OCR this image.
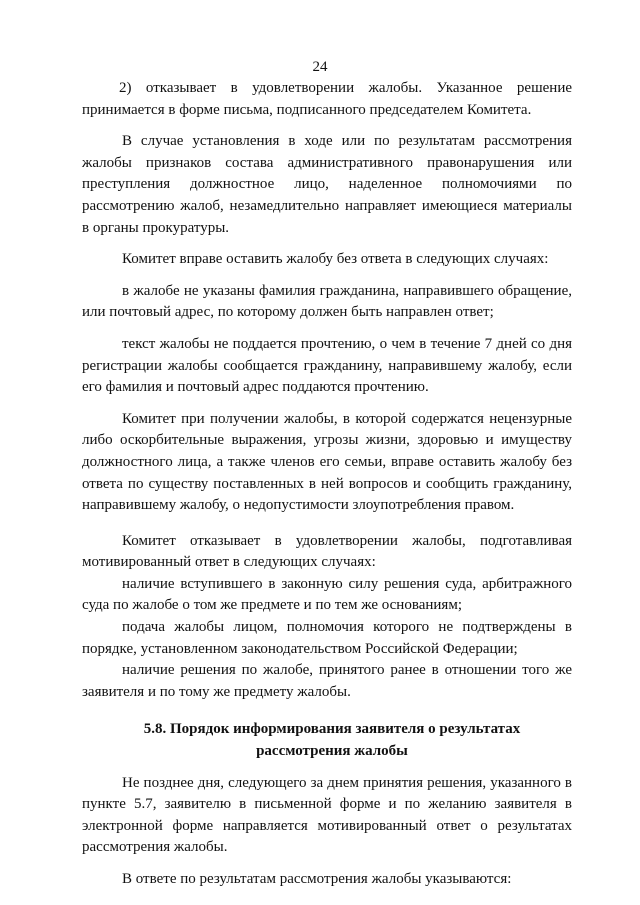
24

2) отказывает в удовлетворении жалобы. Указанное решение принимается в форме письма, подписанного председателем Комитета.

В случае установления в ходе или по результатам рассмотрения жалобы признаков состава административного правонарушения или преступления должностное лицо, наделенное полномочиями по рассмотрению жалоб, незамедлительно направляет имеющиеся материалы в органы прокуратуры.

Комитет вправе оставить жалобу без ответа в следующих случаях:

в жалобе не указаны фамилия гражданина, направившего обращение, или почтовый адрес, по которому должен быть направлен ответ;

текст жалобы не поддается прочтению, о чем в течение 7 дней со дня регистрации жалобы сообщается гражданину, направившему жалобу, если его фамилия и почтовый адрес поддаются прочтению.

Комитет при получении жалобы, в которой содержатся нецензурные либо оскорбительные выражения, угрозы жизни, здоровью и имуществу должностного лица, а также членов его семьи, вправе оставить жалобу без ответа по существу поставленных в ней вопросов и сообщить гражданину, направившему жалобу, о недопустимости злоупотребления правом.

Комитет отказывает в удовлетворении жалобы, подготавливая мотивированный ответ в следующих случаях:

наличие вступившего в законную силу решения суда, арбитражного суда по жалобе о том же предмете и по тем же основаниям;

подача жалобы лицом, полномочия которого не подтверждены в порядке, установленном законодательством Российской Федерации;

наличие решения по жалобе, принятого ранее в отношении того же заявителя и по тому же предмету жалобы.

5.8. Порядок информирования заявителя о результатах
рассмотрения жалобы

Не позднее дня, следующего за днем принятия решения, указанного в пункте 5.7, заявителю в письменной форме и по желанию заявителя в электронной форме направляется мотивированный ответ о результатах рассмотрения жалобы.

В ответе по результатам рассмотрения жалобы указываются:
